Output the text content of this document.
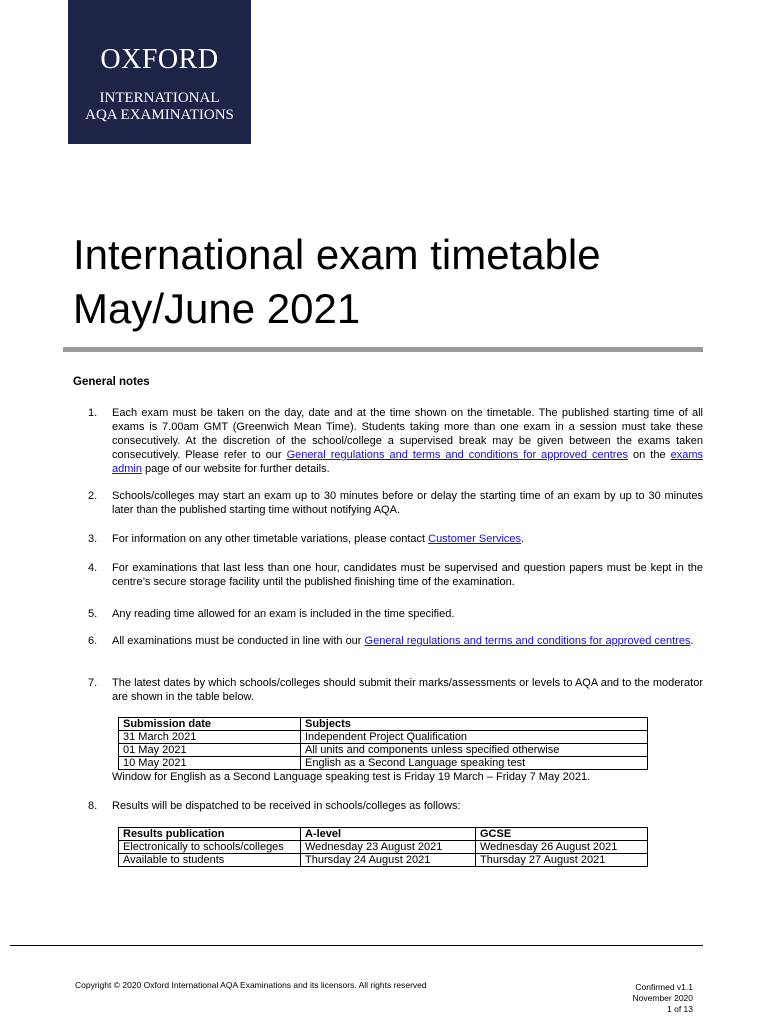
OXFORD
INTERNATIONAL
AQA EXAMINATIONS
International exam timetable
May/June 2021
General notes
1. Each exam must be taken on the day, date and at the time shown on the timetable. The published starting time of all exams is 7.00am GMT (Greenwich Mean Time). Students taking more than one exam in a session must take these consecutively. At the discretion of the school/college a supervised break may be given between the exams taken consecutively. Please refer to our General regulations and terms and conditions for approved centres on the exams admin page of our website for further details.
2. Schools/colleges may start an exam up to 30 minutes before or delay the starting time of an exam by up to 30 minutes later than the published starting time without notifying AQA.
3. For information on any other timetable variations, please contact Customer Services.
4. For examinations that last less than one hour, candidates must be supervised and question papers must be kept in the centre’s secure storage facility until the published finishing time of the examination.
5. Any reading time allowed for an exam is included in the time specified.
6. All examinations must be conducted in line with our General regulations and terms and conditions for approved centres.
7. The latest dates by which schools/colleges should submit their marks/assessments or levels to AQA and to the moderator are shown in the table below.
Submission date	Subjects
31 March 2021	Independent Project Qualification
01 May 2021	All units and components unless specified otherwise
10 May 2021	English as a Second Language speaking test
Window for English as a Second Language speaking test is Friday 19 March – Friday 7 May 2021.
8. Results will be dispatched to be received in schools/colleges as follows:
Results publication	A-level	GCSE
Electronically to schools/colleges	Wednesday 23 August 2021	Wednesday 26 August 2021
Available to students	Thursday 24 August 2021	Thursday 27 August 2021
Copyright © 2020 Oxford International AQA Examinations and its licensors. All rights reserved	Confirmed v1.1
November 2020
1 of 13
